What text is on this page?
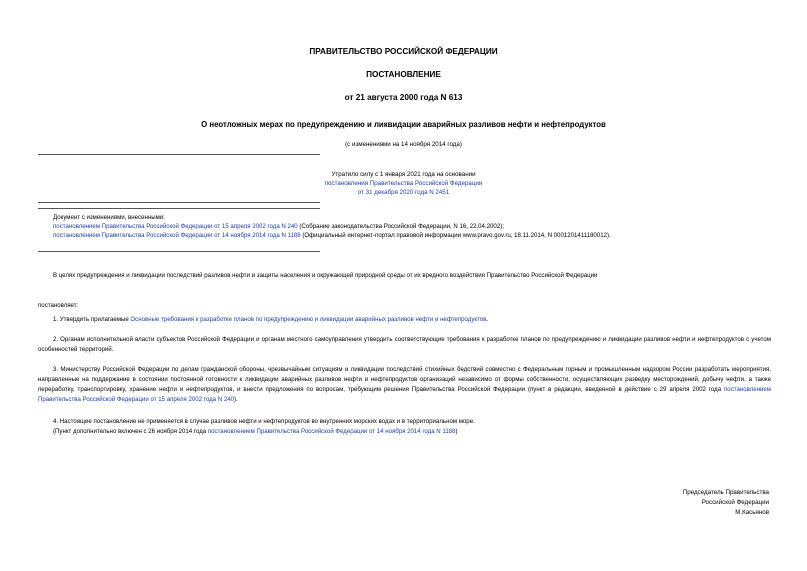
ПРАВИТЕЛЬСТВО РОССИЙСКОЙ ФЕДЕРАЦИИ
ПОСТАНОВЛЕНИЕ
от 21 августа 2000 года N 613
О неотложных мерах по предупреждению и ликвидации аварийных разливов нефти и нефтепродуктов
(с изменениями на 14 ноября 2014 года)
Утратило силу с 1 января 2021 года на основании
постановления Правительства Российской Федерации
от 31 декабря 2020 года N 2451
Документ с изменениями, внесенными:
постановлением Правительства Российской Федерации от 15 апреля 2002 года N 240 (Собрание законодательства Российской Федерации, N 16, 22.04.2002);
постановлением Правительства Российской Федерации от 14 ноября 2014 года N 1188 (Официальный интернет-портал правовой информации www.pravo.gov.ru, 18.11.2014, N 0001201411180012).
В целях предупреждения и ликвидации последствий разливов нефти и защиты населения и окружающей природной среды от их вредного воздействия Правительство Российской Федерации
постановляет:
1. Утвердить прилагаемые Основные требования к разработке планов по предупреждению и ликвидации аварийных разливов нефти и нефтепродуктов.
2. Органам исполнительной власти субъектов Российской Федерации и органам местного самоуправления утвердить соответствующие требования к разработке планов по предупреждению и ликвидации разливов нефти и нефтепродуктов с учетом особенностей территорий.
3. Министерству Российской Федерации по делам гражданской обороны, чрезвычайным ситуациям и ликвидации последствий стихийных бедствий совместно с Федеральным горным и промышленным надзором России разработать мероприятия, направленные на поддержание в состоянии постоянной готовности к ликвидации аварийных разливов нефти и нефтепродуктов организаций независимо от формы собственности, осуществляющих разведку месторождений, добычу нефти, а также переработку, транспортировку, хранение нефти и нефтепродуктов, и внести предложения по вопросам, требующим решения Правительства Российской Федерации (пункт в редакции, введенной в действие с 29 апреля 2002 года постановлением Правительства Российской Федерации от 15 апреля 2002 года N 240).
4. Настоящее постановление не применяется в случае разливов нефти и нефтепродуктов во внутренних морских водах и в территориальном море.
(Пункт дополнительно включен с 26 ноября 2014 года постановлением Правительства Российской Федерации от 14 ноября 2014 года N 1188)
Председатель Правительства
Российской Федерации
М.Касьянов
